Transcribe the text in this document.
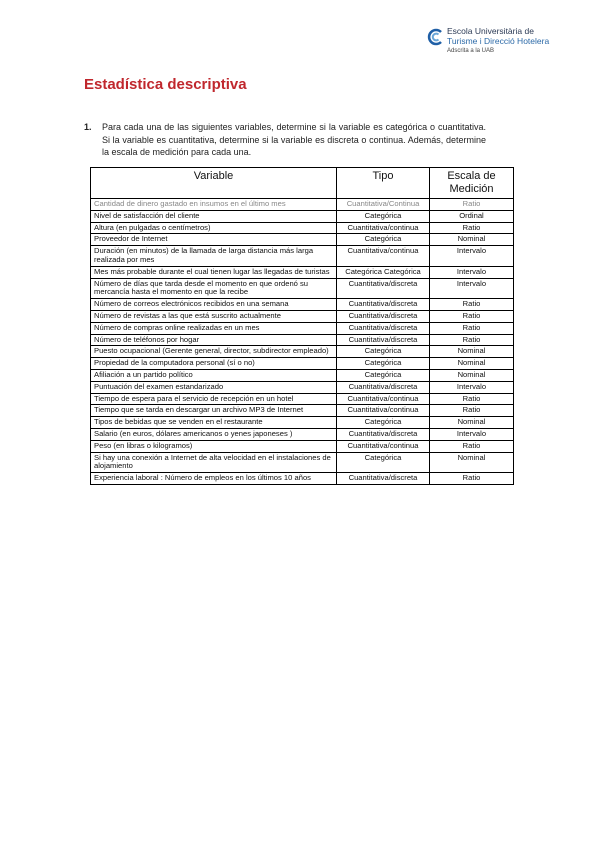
Escola Universitària de
Turisme i Direcció Hotelera
Adscrita a la UAB
Estadística descriptiva
1. Para cada una de las siguientes variables, determine si la variable es categórica o cuantitativa. Si la variable es cuantitativa, determine si la variable es discreta o continua. Además, determine la escala de medición para cada una.
Variable	Tipo	Escala de Medición
Cantidad de dinero gastado en insumos en el último mes	Cuantitativa/Continua	Ratio
Nivel de satisfacción del cliente	Categórica	Ordinal
Altura (en pulgadas o centímetros)	Cuantitativa/continua	Ratio
Proveedor de Internet	Categórica	Nominal
Duración (en minutos) de la llamada de larga distancia más larga realizada por mes	Cuantitativa/continua	Intervalo
Mes más probable durante el cual tienen lugar las llegadas de turistas	Categórica Categórica	Intervalo
Número de días que tarda desde el momento en que ordenó su mercancía hasta el momento en que la recibe	Cuantitativa/discreta	Intervalo
Número de correos electrónicos recibidos en una semana	Cuantitativa/discreta	Ratio
Número de revistas a las que está suscrito actualmente	Cuantitativa/discreta	Ratio
Número de compras online realizadas en un mes	Cuantitativa/discreta	Ratio
Número de teléfonos por hogar	Cuantitativa/discreta	Ratio
Puesto ocupacional (Gerente general, director, subdirector empleado)	Categórica	Nominal
Propiedad de la computadora personal (sí o no)	Categórica	Nominal
Afiliación a un partido político	Categórica	Nominal
Puntuación del examen estandarizado	Cuantitativa/discreta	Intervalo
Tiempo de espera para el servicio de recepción en un hotel	Cuantitativa/continua	Ratio
Tiempo que se tarda en descargar un archivo MP3 de Internet	Cuantitativa/continua	Ratio
Tipos de bebidas que se venden en el restaurante	Categórica	Nominal
Salario (en euros, dólares americanos o yenes japoneses )	Cuantitativa/discreta	Intervalo
Peso (en libras o kilogramos)	Cuantitativa/continua	Ratio
Si hay una conexión a Internet de alta velocidad en el instalaciones de alojamiento	Categórica	Nominal
Experiencia laboral : Número de empleos en los últimos 10 años	Cuantitativa/discreta	Ratio
